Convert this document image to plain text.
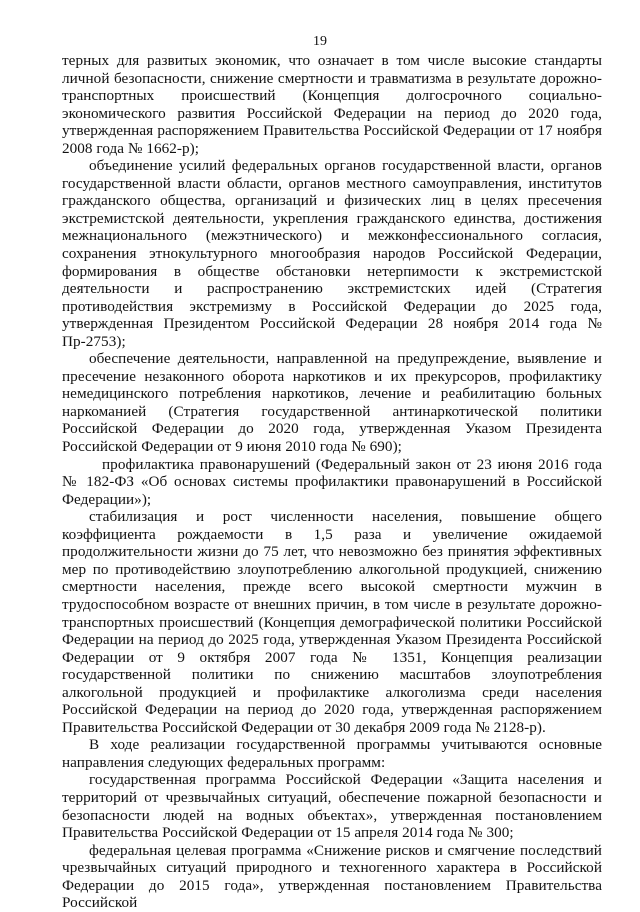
19

терных для развитых экономик, что означает в том числе высокие стандарты личной безопасности, снижение смертности и травматизма в результате дорожно-транспортных происшествий (Концепция долгосрочного социально-экономического развития Российской Федерации на период до 2020 года, утвержденная распоряжением Правительства Российской Федерации от 17 ноября 2008 года № 1662-р);

объединение усилий федеральных органов государственной власти, органов государственной власти области, органов местного самоуправления, институтов гражданского общества, организаций и физических лиц в целях пресечения экстремистской деятельности, укрепления гражданского единства, достижения межнационального (межэтнического) и межконфессионального согласия, сохранения этнокультурного многообразия народов Российской Федерации, формирования в обществе обстановки нетерпимости к экстремистской деятельности и распространению экстремистских идей (Стратегия противодействия экстремизму в Российской Федерации до 2025 года, утвержденная Президентом Российской Федерации 28 ноября 2014 года № Пр-2753);

обеспечение деятельности, направленной на предупреждение, выявление и пресечение незаконного оборота наркотиков и их прекурсоров, профилактику немедицинского потребления наркотиков, лечение и реабилитацию больных наркоманией (Стратегия государственной антинаркотической политики Российской Федерации до 2020 года, утвержденная Указом Президента Российской Федерации от 9 июня 2010 года № 690);

профилактика правонарушений (Федеральный закон от 23 июня 2016 года № 182-ФЗ «Об основах системы профилактики правонарушений в Российской Федерации»);

стабилизация и рост численности населения, повышение общего коэффициента рождаемости в 1,5 раза и увеличение ожидаемой продолжительности жизни до 75 лет, что невозможно без принятия эффективных мер по противодействию злоупотреблению алкогольной продукцией, снижению смертности населения, прежде всего высокой смертности мужчин в трудоспособном возрасте от внешних причин, в том числе в результате дорожно-транспортных происшествий (Концепция демографической политики Российской Федерации на период до 2025 года, утвержденная Указом Президента Российской Федерации от 9 октября 2007 года № 1351, Концепция реализации государственной политики по снижению масштабов злоупотребления алкогольной продукцией и профилактике алкоголизма среди населения Российской Федерации на период до 2020 года, утвержденная распоряжением Правительства Российской Федерации от 30 декабря 2009 года № 2128-р).

В ходе реализации государственной программы учитываются основные направления следующих федеральных программ:

государственная программа Российской Федерации «Защита населения и территорий от чрезвычайных ситуаций, обеспечение пожарной безопасности и безопасности людей на водных объектах», утвержденная постановлением Правительства Российской Федерации от 15 апреля 2014 года № 300;

федеральная целевая программа «Снижение рисков и смягчение последствий чрезвычайных ситуаций природного и техногенного характера в Российской Федерации до 2015 года», утвержденная постановлением Правительства Российской
